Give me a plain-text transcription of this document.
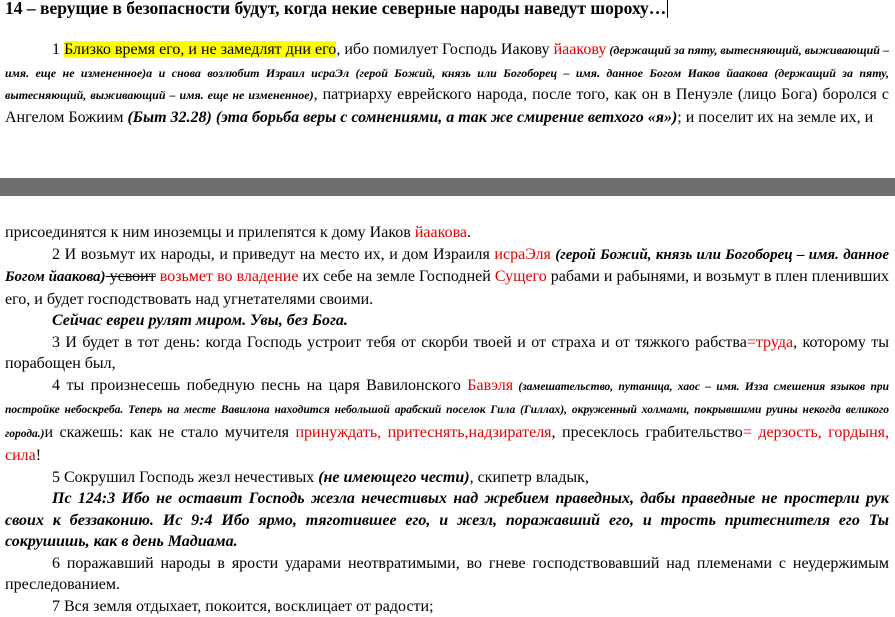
14 – верущие в безопасности будут, когда некие северные народы наведут шороху…

1 Близко время его, и не замедлят дни его, ибо помилует Господь Иакову йаакову (держащий за пяту, вытесняющий, выживающий – имя. еще не измененное)а и снова возлюбит Израил исраЭл (герой Божий, князь или Богоборец – имя. данное Богом Иаков йаакова (держащий за пяту, вытесняющий, выживающий – имя. еще не измененное), патриарху еврейского народа, после того, как он в Пенуэле (лицо Бога) боролся с Ангелом Божиим (Быт 32.28) (эта борьба веры с сомнениями, а так же смирение ветхого «я»); и поселит их на земле их, и

присоединятся к ним иноземцы и прилепятся к дому Иаков йаакова.

2 И возьмут их народы, и приведут на место их, и дом Израиля исраЭля (герой Божий, князь или Богоборец – имя. данное Богом йаакова) усвоит возьмет во владение их себе на земле Господней Сущего рабами и рабынями, и возьмут в плен пленивших его, и будет господствовать над угнетателями своими.

Сейчас евреи рулят миром. Увы, без Бога.

3 И будет в тот день: когда Господь устроит тебя от скорби твоей и от страха и от тяжкого рабства=труда, которому ты порабощен был,

4 ты произнесешь победную песнь на царя Вавилонского Бавэля (замешательство, путаница, хаос – имя. Изза смешения языков при постройке небоскреба. Теперь на месте Вавилона находится небольшой арабский поселок Гила (Гиллах), окруженный холмами, покрывшими руины некогда великого города.)и скажешь: как не стало мучителя принуждать, притеснять,надзирателя, пресеклось грабительство= дерзость, гордыня, сила!

5 Сокрушил Господь жезл нечестивых (не имеющего чести), скипетр владык,

Пс 124:3 Ибо не оставит Господь жезла нечестивых над жребием праведных, дабы праведные не простерли рук своих к беззаконию. Ис 9:4 Ибо ярмо, тяготившее его, и жезл, поражавший его, и трость притеснителя его Ты сокрушишь, как в день Мадиама.

6 поражавший народы в ярости ударами неотвратимыми, во гневе господствовавший над племенами с неудержимым преследованием.

7 Вся земля отдыхает, покоится, восклицает от радости;
